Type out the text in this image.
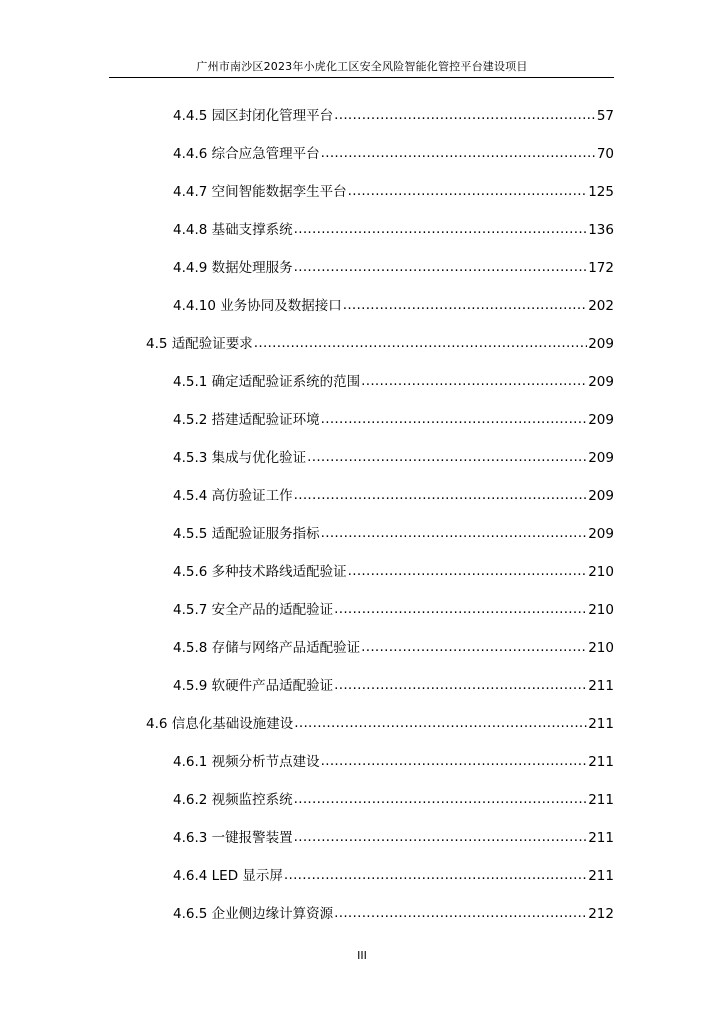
广州市南沙区2023年小虎化工区安全风险智能化管控平台建设项目
4.4.5 园区封闭化管理平台 .....	57
4.4.6 综合应急管理平台 .....	70
4.4.7 空间智能数据孪生平台 .....	125
4.4.8 基础支撑系统 .....	136
4.4.9 数据处理服务 .....	172
4.4.10 业务协同及数据接口 .....	202
4.5 适配验证要求 .....	209
4.5.1 确定适配验证系统的范围 .....	209
4.5.2 搭建适配验证环境 .....	209
4.5.3 集成与优化验证 .....	209
4.5.4 高仿验证工作 .....	209
4.5.5 适配验证服务指标 .....	209
4.5.6 多种技术路线适配验证 .....	210
4.5.7 安全产品的适配验证 .....	210
4.5.8 存储与网络产品适配验证 .....	210
4.5.9 软硬件产品适配验证 .....	211
4.6 信息化基础设施建设 .....	211
4.6.1 视频分析节点建设 .....	211
4.6.2 视频监控系统 .....	211
4.6.3 一键报警装置 .....	211
4.6.4 LED 显示屏 .....	211
4.6.5 企业侧边缘计算资源 .....	212
III
